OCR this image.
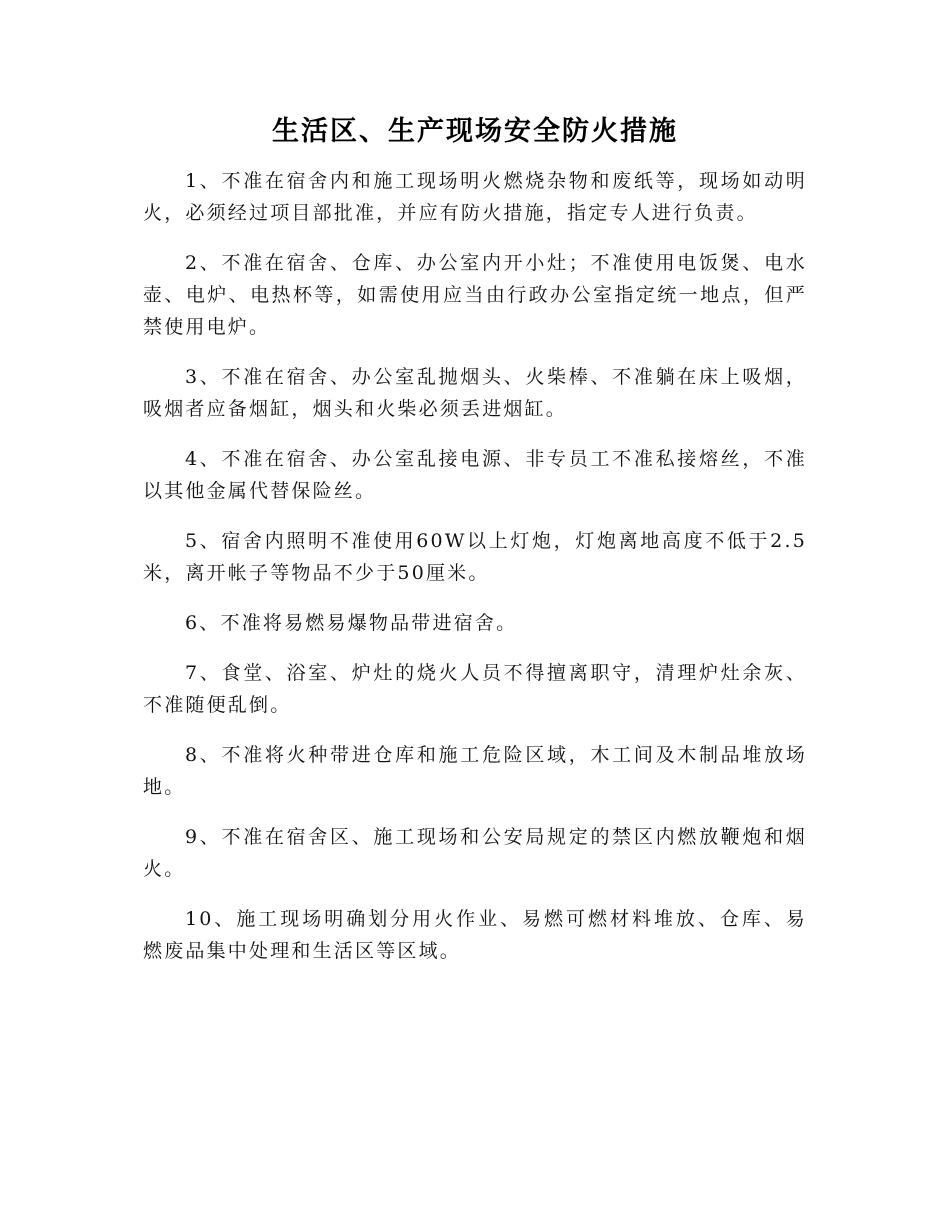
生活区、生产现场安全防火措施

1、不准在宿舍内和施工现场明火燃烧杂物和废纸等，现场如动明火，必须经过项目部批准，并应有防火措施，指定专人进行负责。

2、不准在宿舍、仓库、办公室内开小灶；不准使用电饭煲、电水壶、电炉、电热杯等，如需使用应当由行政办公室指定统一地点，但严禁使用电炉。

3、不准在宿舍、办公室乱抛烟头、火柴棒、不准躺在床上吸烟，吸烟者应备烟缸，烟头和火柴必须丢进烟缸。

4、不准在宿舍、办公室乱接电源、非专员工不准私接熔丝，不准以其他金属代替保险丝。

5、宿舍内照明不准使用60W以上灯炮，灯炮离地高度不低于2.5米，离开帐子等物品不少于50厘米。

6、不准将易燃易爆物品带进宿舍。

7、食堂、浴室、炉灶的烧火人员不得擅离职守，清理炉灶余灰、不准随便乱倒。

8、不准将火种带进仓库和施工危险区域，木工间及木制品堆放场地。

9、不准在宿舍区、施工现场和公安局规定的禁区内燃放鞭炮和烟火。

10、施工现场明确划分用火作业、易燃可燃材料堆放、仓库、易燃废品集中处理和生活区等区域。
